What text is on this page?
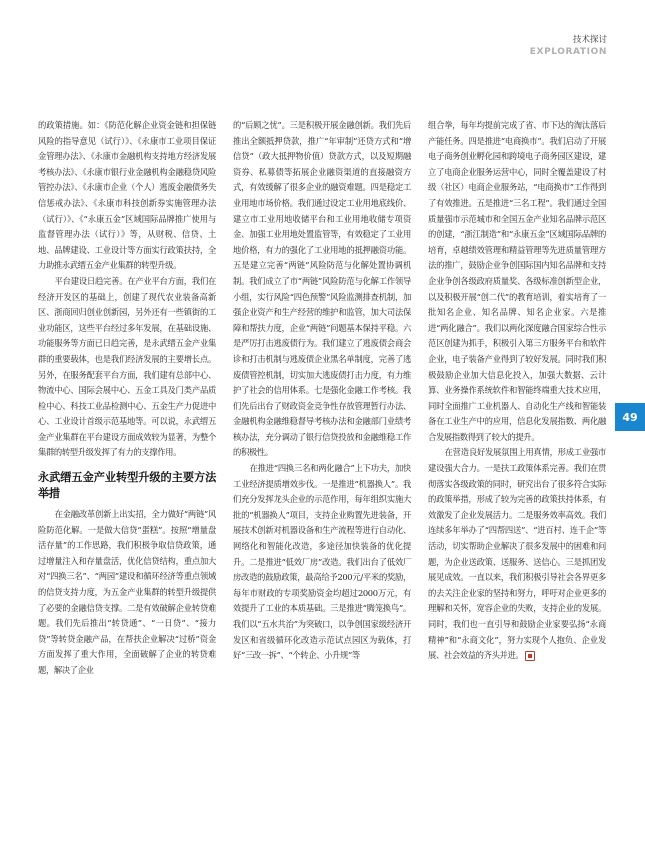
技术探讨
EXPLORATION
49

的政策措施。如：《防范化解企业资金链和担保链风险的指导意见（试行）》、《永康市工业项目保证金管理办法》、《永康市金融机构支持地方经济发展考核办法》、《永康市银行业金融机构金融稳贷风险管控办法》、《永康市企业（个人）逃废金融债务失信惩戒办法》、《永康市科技创新券实施管理办法（试行）》、《“永康五金”区域国际品牌推广使用与监督管理办法（试行）》等，从财税、信贷、土地、品牌建设、工业设计等方面实行政策扶持，全力助推永武缙五金产业集群的转型升级。

平台建设日趋完善。在产业平台方面，我们在经济开发区的基础上，创建了现代农业装备高新区、浙商回归创业创新园，另外还有一些镇街的工业功能区，这些平台经过多年发展，在基础设施、功能服务等方面已日趋完善，是永武缙五金产业集群的重要载体，也是我们经济发展的主要增长点。另外，在服务配套平台方面，我们建有总部中心、物流中心、国际会展中心、五金工具及门类产品质检中心、科技工业品检测中心、五金生产力促进中心、工业设计首级示范基地等。可以说，永武缙五金产业集群在平台建设方面成效较为显著，为整个集群的转型升级发挥了有力的支撑作用。

永武缙五金产业转型升级的主要方法举措

在金融改革创新上出实招，全力做好“两链”风险防范化解。一是做大信贷“蛋糕”。按照“增量盘活存量”的工作思路，我们积极争取信贷政策，通过增量注入和存量盘活，优化信贷结构，重点加大对“四换三名”、“两园”建设和循环经济等重点领域的信贷支持力度，为五金产业集群的转型升级提供了必要的金融信贷支撑。二是有效破解企业转贷难题。我们先后推出“转贷通”、“一日贷”、“接力贷”等转贷金融产品，在帮扶企业解决“过桥”资金方面发挥了重大作用，全面破解了企业的转贷难题，解决了企业

的“后顾之忧”。三是积极开展金融创新。我们先后推出全额抵押贷款，推广“年审制”还贷方式和“增信贷”（政大抵押物价值）贷款方式，以及短期融资券、私募债等拓展企业融资渠道的直接融资方式，有效缓解了很多企业的融资难题。四是稳定工业用地市场价格。我们通过设定工业用地底线价、建立市工业用地收储平台和工业用地收储专项资金、加强工业用地处置监管等，有效稳定了工业用地价格，有力的强化了工业用地的抵押融资功能。五是建立完善“两链”风险防范与化解处置协调机制。我们成立了市“两链”风险防范与化解工作领导小组，实行风险“四色预警”风险监测排查机制，加强企业资产和生产经营的维护和监管，加大司法保障和帮扶力度，企业“两链”问题基本保持平稳。六是严厉打击逃废债行为。我们建立了逃废债会商会诊和打击机制与逃废债企业黑名单制度，完善了逃废债管控机制，切实加大逃废债打击力度，有力维护了社会的信用体系。七是强化金融工作考核。我们先后出台了财政资金竞争性存放管理暂行办法、金融机构金融维稳督导考核办法和金融部门业绩考核办法，充分调动了银行信贷投放和金融维稳工作的积极性。

在推进“四换三名和两化融合”上下功夫，加快工业经济提质增效步伐。一是推进“机器换人”。我们充分发挥龙头企业的示范作用，每年组织实施大批的“机器换人”项目，支持企业购置先进装备，开展技术创新对机器设备和生产流程等进行自动化、网络化和智能化改造，多途径加快装备的优化提升。二是推进“低效厂房”改造。我们出台了低效厂房改造的鼓励政策，最高给予200元/平米的奖励，每年市财政的专项奖励资金均超过2000万元，有效提升了工业的本质基础。三是推进“腾笼换鸟”。我们以“五水共治”为突破口，以争创国家级经济开发区和省级循环化改造示范试点园区为载体，打好“三改一拆”、“个转企、小升规”等

组合拳，每年均提前完成了省、市下达的淘汰落后产能任务。四是推进“电商换市”。我们启动了开展电子商务创业孵化园和跨境电子商务园区建设，建立了电商企业服务运营中心，同时全覆盖建设了村级（社区）电商企业服务站，“电商换市”工作得到了有效推进。五是推进“三名工程”。我们通过全国质量强市示范城市和全国五金产业知名品牌示范区的创建，“浙江制造”和“永康五金”区域国际品牌的培育，卓越绩效管理和精益管理等先进质量管理方法的推广，鼓励企业争创国际国内知名品牌和支持企业争创各级政府质量奖、各级标准创新型企业，以及积极开展“创二代”的教育培训，着实培育了一批知名企业、知名品牌、知名企业家。六是推进“两化融合”。我们以两化深度融合国家综合性示范区创建为抓手，积极引入第三方服务平台和软件企业，电子装备产业得到了较好发展。同时我们积极鼓励企业加大信息化投入，加强大数据、云计算、业务操作系统软件和智能终端重大技术应用，同时全面推广工业机器人、自动化生产线和智能装备在工业生产中的应用，信息化发展指数、两化融合发展指数得到了较大的提升。

在营造良好发展氛围上用真情，形成工业强市建设强大合力。一是扶工政策体系完善。我们在贯彻落实各级政策的同时，研究出台了很多符合实际的政策举措，形成了较为完善的政策扶持体系，有效激发了企业发展活力。二是服务效率高效。我们连续多年举办了“四帮四送”、“进百村、连千企”等活动，切实帮助企业解决了很多发展中的困难和问题，为企业送政策、送服务、送信心。三是抓团发展见成效。一直以来，我们积极引导社会各界更多的去关注企业家的坚持和努力，呼吁对企业更多的理解和关怀，宽容企业的失败，支持企业的发展。同时，我们也一直引导和鼓励企业家要弘扬“永商精神”和“永商文化”，努力实现个人抱负、企业发展、社会效益的齐头并进。
